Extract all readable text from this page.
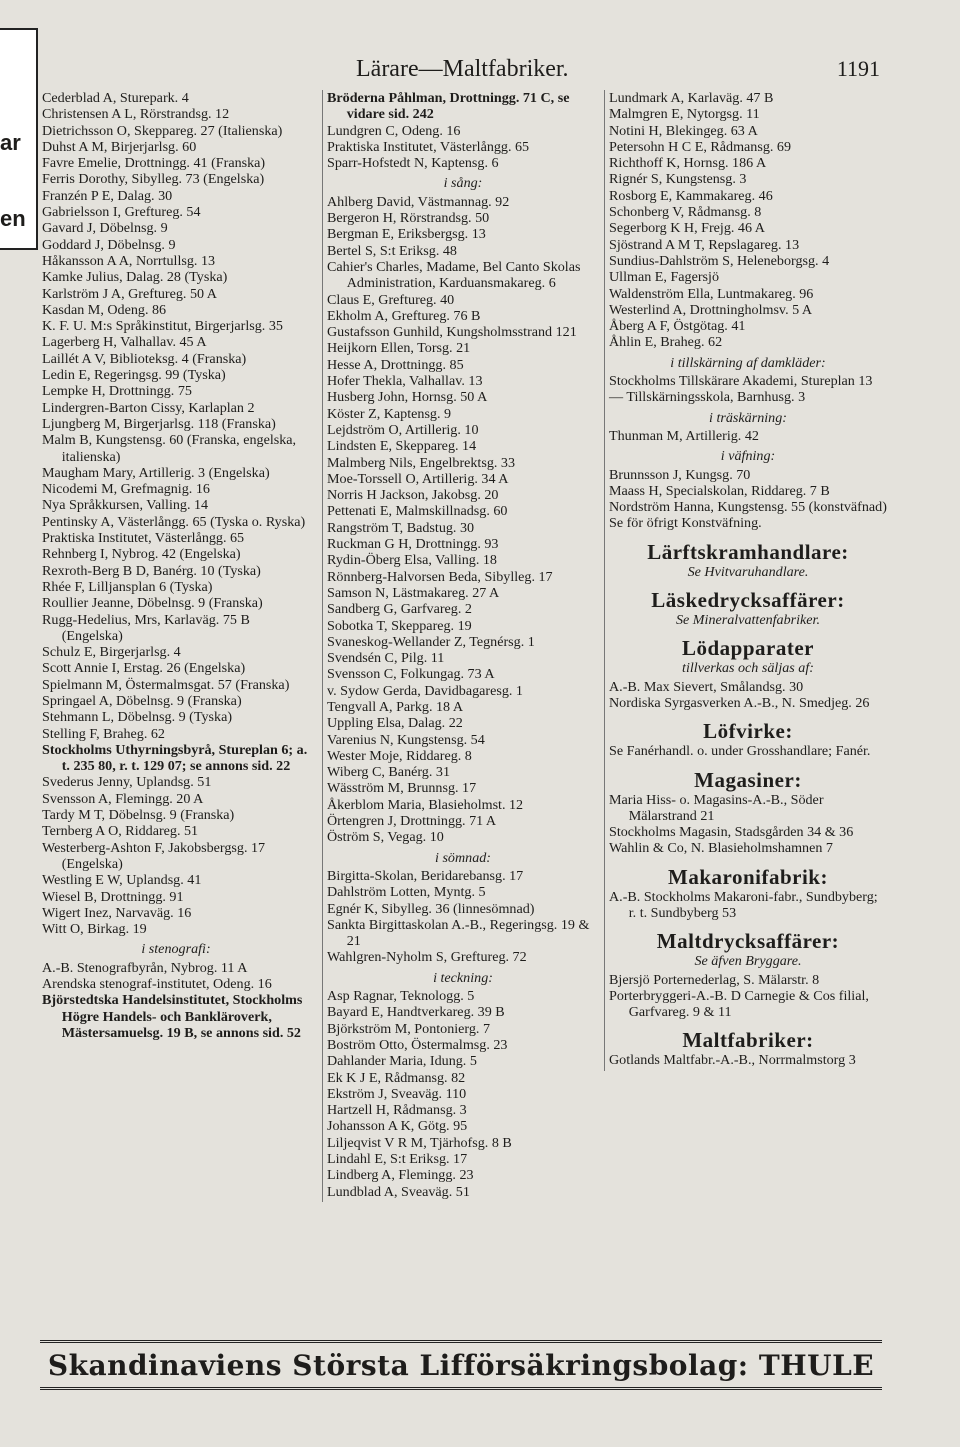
ar
en
Lärare—Maltfabriker.	1191
Cederblad A, Sturepark. 4
Christensen A L, Rörstrandsg. 12
Dietrichsson O, Skeppareg. 27 (Italienska)
Duhst A M, Birjerjarlsg. 60
Favre Emelie, Drottningg. 41 (Franska)
Ferris Dorothy, Sibylleg. 73 (Engelska)
Franzén P E, Dalag. 30
Gabrielsson I, Greftureg. 54
Gavard J, Döbelnsg. 9
Goddard J, Döbelnsg. 9
Håkansson A A, Norrtullsg. 13
Kamke Julius, Dalag. 28 (Tyska)
Karlström J A, Greftureg. 50 A
Kasdan M, Odeng. 86
K. F. U. M:s Språkinstitut, Birgerjarlsg. 35
Lagerberg H, Valhallav. 45 A
Laillét A V, Biblioteksg. 4 (Franska)
Ledin E, Regeringsg. 99 (Tyska)
Lempke H, Drottningg. 75
Lindergren-Barton Cissy, Karlaplan 2
Ljungberg M, Birgerjarlsg. 118 (Franska)
Malm B, Kungstensg. 60 (Franska, engelska, italienska)
Maugham Mary, Artillerig. 3 (Engelska)
Nicodemi M, Grefmagnig. 16
Nya Språkkursen, Valling. 14
Pentinsky A, Västerlångg. 65 (Tyska o. Ryska)
Praktiska Institutet, Västerlångg. 65
Rehnberg I, Nybrog. 42 (Engelska)
Rexroth-Berg B D, Banérg. 10 (Tyska)
Rhée F, Lilljansplan 6 (Tyska)
Roullier Jeanne, Döbelnsg. 9 (Franska)
Rugg-Hedelius, Mrs, Karlaväg. 75 B (Engelska)
Schulz E, Birgerjarlsg. 4
Scott Annie I, Erstag. 26 (Engelska)
Spielmann M, Östermalmsgat. 57 (Franska)
Springael A, Döbelnsg. 9 (Franska)
Stehmann L, Döbelnsg. 9 (Tyska)
Stelling F, Braheg. 62
Stockholms Uthyrningsbyrå, Stureplan 6; a. t. 235 80, r. t. 129 07; se annons sid. 22
Svederus Jenny, Uplandsg. 51
Svensson A, Flemingg. 20 A
Tardy M T, Döbelnsg. 9 (Franska)
Ternberg A O, Riddareg. 51
Westerberg-Ashton F, Jakobsbergsg. 17 (Engelska)
Westling E W, Uplandsg. 41
Wiesel B, Drottningg. 91
Wigert Inez, Narvaväg. 16
Witt O, Birkag. 19
i stenografi:
A.-B. Stenografbyrån, Nybrog. 11 A
Arendska stenograf-institutet, Odeng. 16
Björstedtska Handelsinstitutet, Stockholms Högre Handels- och Bankläroverk, Mästersamuelsg. 19 B, se annons sid. 52
Bröderna Påhlman, Drottningg. 71 C, se vidare sid. 242
Lundgren C, Odeng. 16
Praktiska Institutet, Västerlångg. 65
Sparr-Hofstedt N, Kaptensg. 6
i sång:
Ahlberg David, Västmannag. 92
Bergeron H, Rörstrandsg. 50
Bergman E, Eriksbergsg. 13
Bertel S, S:t Eriksg. 48
Cahier's Charles, Madame, Bel Canto Skolas Administration, Karduansmakareg. 6
Claus E, Greftureg. 40
Ekholm A, Greftureg. 76 B
Gustafsson Gunhild, Kungsholmsstrand 121
Heijkorn Ellen, Torsg. 21
Hesse A, Drottningg. 85
Hofer Thekla, Valhallav. 13
Husberg John, Hornsg. 50 A
Köster Z, Kaptensg. 9
Lejdström O, Artillerig. 10
Lindsten E, Skeppareg. 14
Malmberg Nils, Engelbrektsg. 33
Moe-Torssell O, Artillerig. 34 A
Norris H Jackson, Jakobsg. 20
Pettenati E, Malmskillnadsg. 60
Rangström T, Badstug. 30
Ruckman G H, Drottningg. 93
Rydin-Öberg Elsa, Valling. 18
Rönnberg-Halvorsen Beda, Sibylleg. 17
Samson N, Lästmakareg. 27 A
Sandberg G, Garfvareg. 2
Sobotka T, Skeppareg. 19
Svaneskog-Wellander Z, Tegnérsg. 1
Svendsén C, Pilg. 11
Svensson C, Folkungag. 73 A
v. Sydow Gerda, Davidbagaresg. 1
Tengvall A, Parkg. 18 A
Uppling Elsa, Dalag. 22
Varenius N, Kungstensg. 54
Wester Moje, Riddareg. 8
Wiberg C, Banérg. 31
Wäsström M, Brunnsg. 17
Åkerblom Maria, Blasieholmst. 12
Örtengren J, Drottningg. 71 A
Öström S, Vegag. 10
i sömnad:
Birgitta-Skolan, Beridarebansg. 17
Dahlström Lotten, Myntg. 5
Egnér K, Sibylleg. 36 (linnesömnad)
Sankta Birgittaskolan A.-B., Regeringsg. 19 & 21
Wahlgren-Nyholm S, Greftureg. 72
i teckning:
Asp Ragnar, Teknologg. 5
Bayard E, Handtverkareg. 39 B
Björkström M, Pontonierg. 7
Boström Otto, Östermalmsg. 23
Dahlander Maria, Idung. 5
Ek K J E, Rådmansg. 82
Ekström J, Sveaväg. 110
Hartzell H, Rådmansg. 3
Johansson A K, Götg. 95
Liljeqvist V R M, Tjärhofsg. 8 B
Lindahl E, S:t Eriksg. 17
Lindberg A, Flemingg. 23
Lundblad A, Sveaväg. 51
Lundmark A, Karlaväg. 47 B
Malmgren E, Nytorgsg. 11
Notini H, Blekingeg. 63 A
Petersohn H C E, Rådmansg. 69
Richthoff K, Hornsg. 186 A
Rignér S, Kungstensg. 3
Rosborg E, Kammakareg. 46
Schonberg V, Rådmansg. 8
Segerborg K H, Frejg. 46 A
Sjöstrand A M T, Repslagareg. 13
Sundius-Dahlström S, Heleneborgsg. 4
Ullman E, Fagersjö
Waldenström Ella, Luntmakareg. 96
Westerlind A, Drottningholmsv. 5 A
Åberg A F, Östgötag. 41
Åhlin E, Braheg. 62
i tillskärning af damkläder:
Stockholms Tillskärare Akademi, Stureplan 13
— Tillskärningsskola, Barnhusg. 3
i träskärning:
Thunman M, Artillerig. 42
i väfning:
Brunnsson J, Kungsg. 70
Maass H, Specialskolan, Riddareg. 7 B
Nordström Hanna, Kungstensg. 55 (konstväfnad)
Se för öfrigt Konstväfning.
Lärftskramhandlare:
Se Hvitvaruhandlare.
Läskedrycksaffärer:
Se Mineralvattenfabriker.
Lödapparater
tillverkas och säljas af:
A.-B. Max Sievert, Smålandsg. 30
Nordiska Syrgasverken A.-B., N. Smedjeg. 26
Löfvirke:
Se Fanérhandl. o. under Grosshandlare; Fanér.
Magasiner:
Maria Hiss- o. Magasins-A.-B., Söder Mälarstrand 21
Stockholms Magasin, Stadsgården 34 & 36
Wahlin & Co, N. Blasieholmshamnen 7
Makaronifabrik:
A.-B. Stockholms Makaroni-fabr., Sundbyberg; r. t. Sundbyberg 53
Maltdrycksaffärer:
Se äfven Bryggare.
Bjersjö Porternederlag, S. Mälarstr. 8
Porterbryggeri-A.-B. D Carnegie & Cos filial, Garfvareg. 9 & 11
Maltfabriker:
Gotlands Maltfabr.-A.-B., Norrmalmstorg 3
Skandinaviens Största Lifförsäkringsbolag: THULE
